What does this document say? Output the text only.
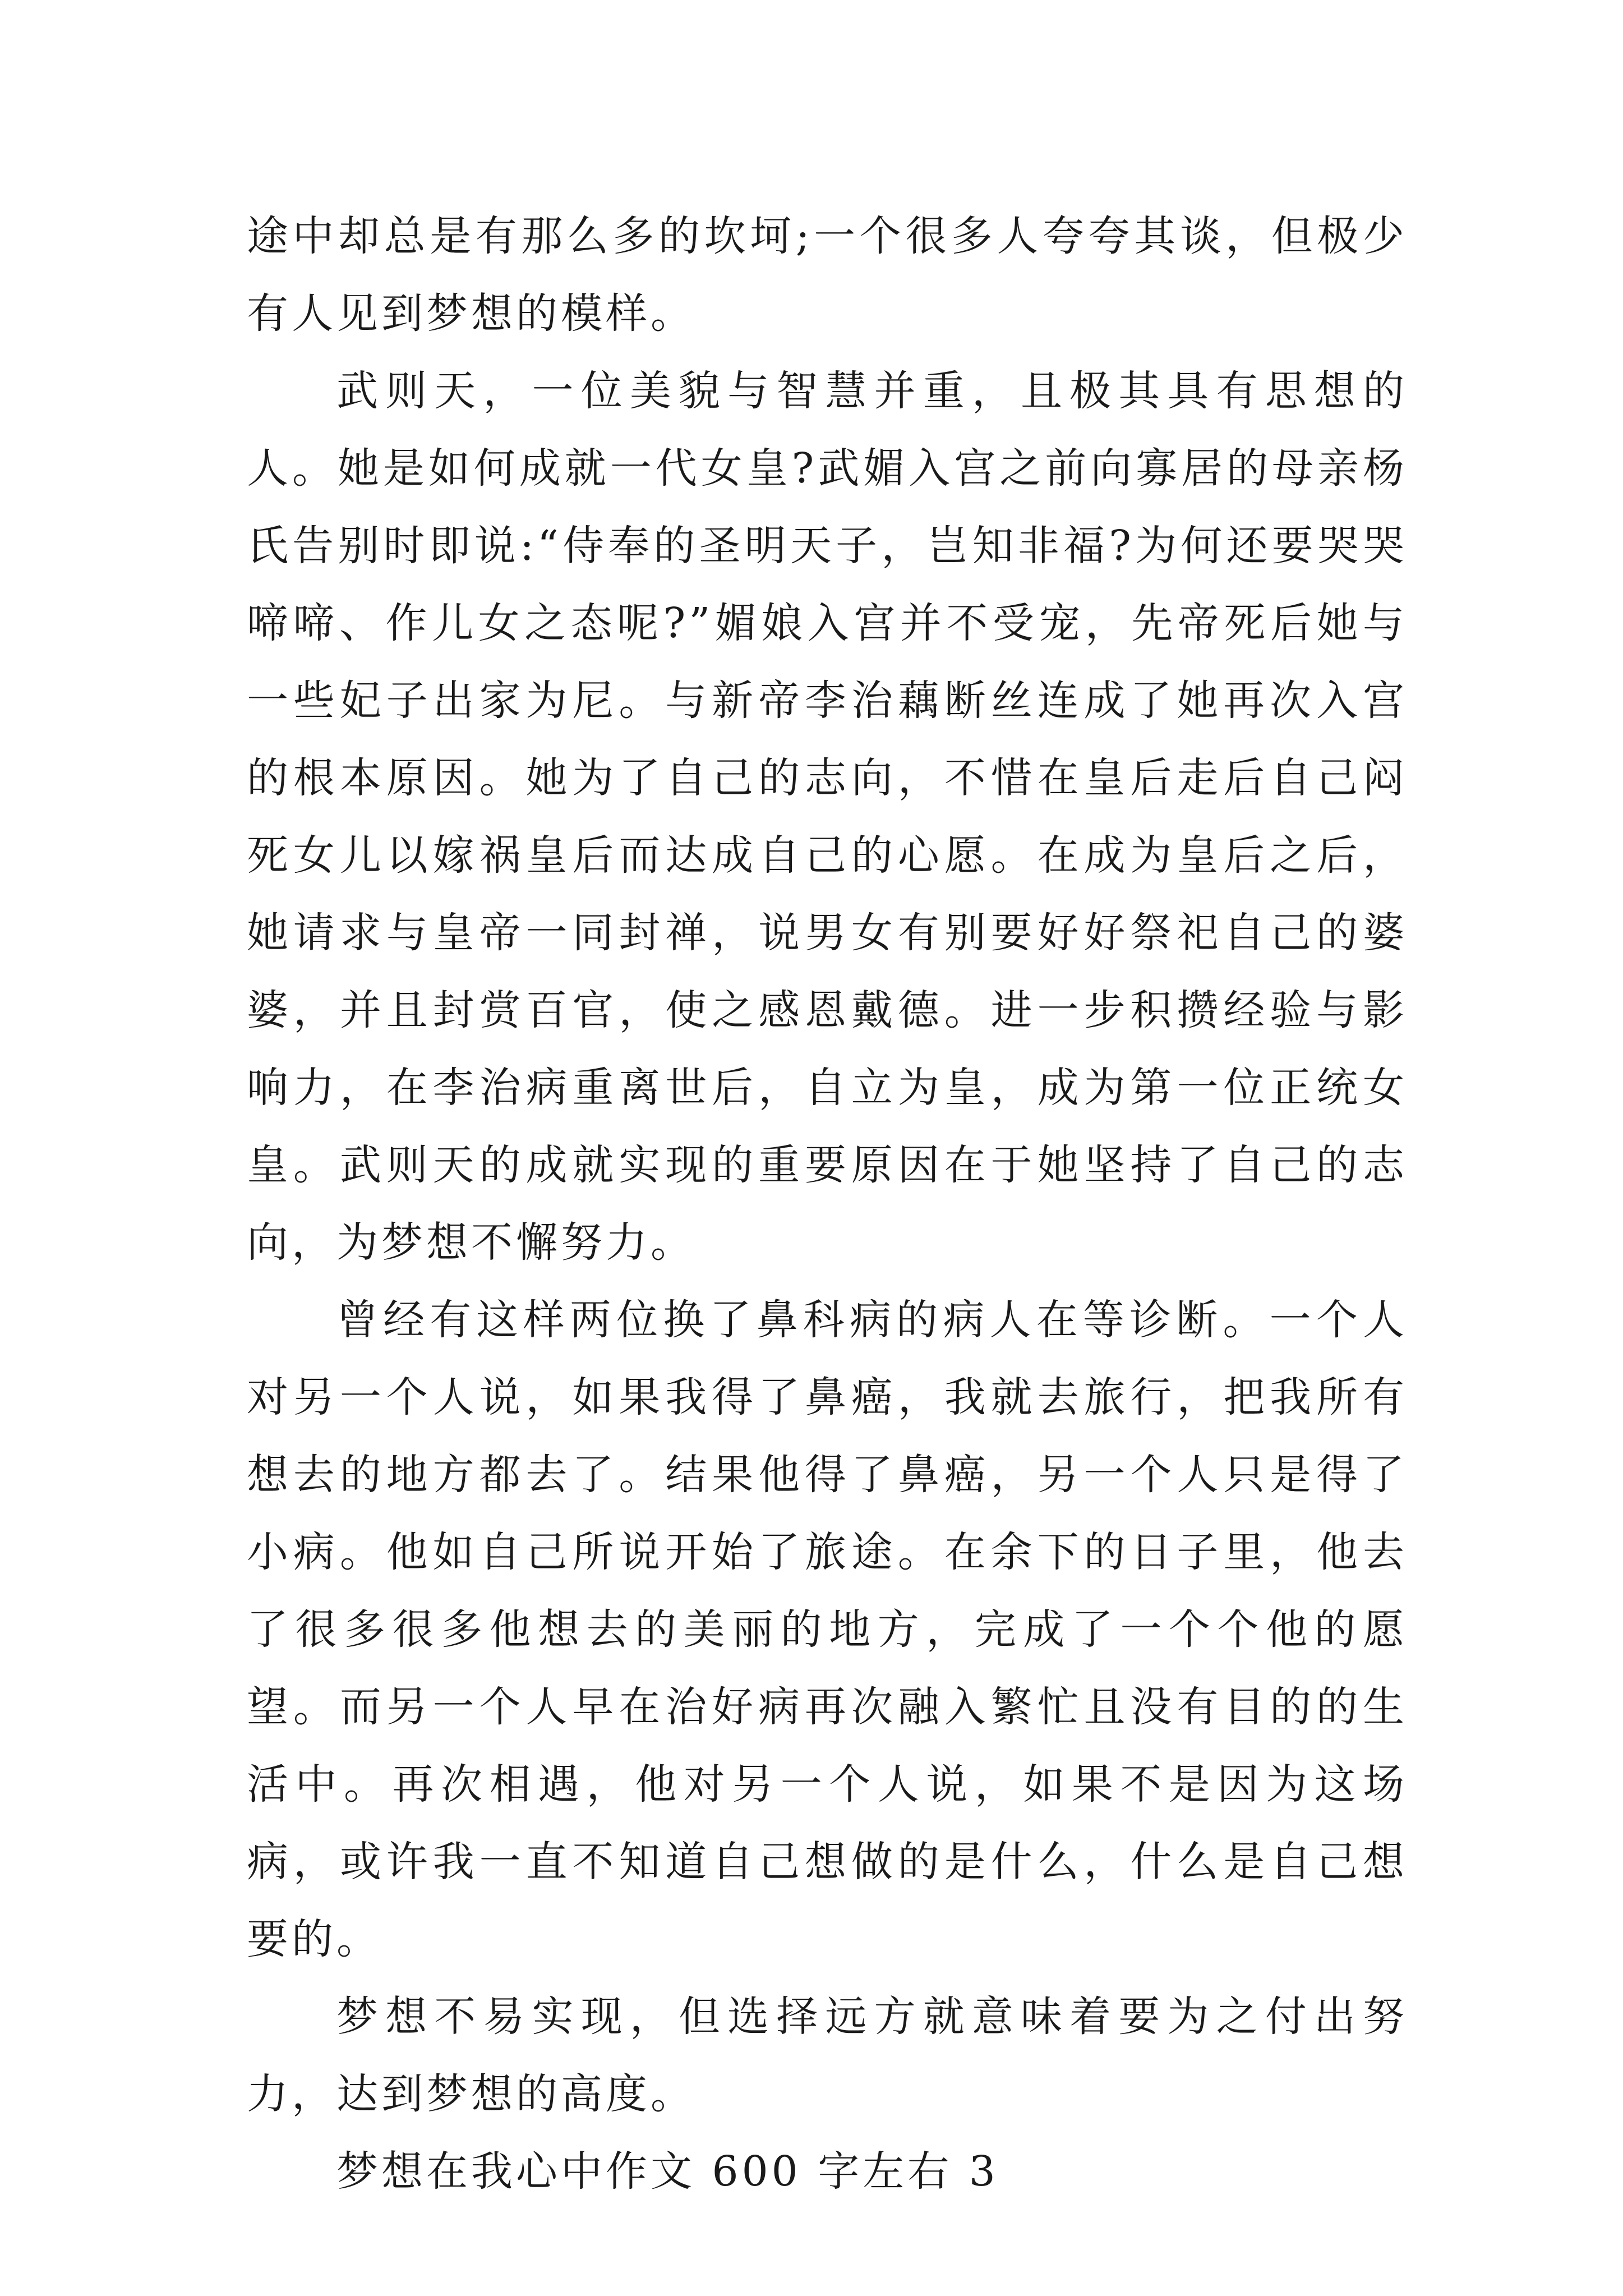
途中却总是有那么多的坎坷;一个很多人夸夸其谈，但极少有人见到梦想的模样。

武则天，一位美貌与智慧并重，且极其具有思想的人。她是如何成就一代女皇?武媚入宫之前向寡居的母亲杨氏告别时即说:“侍奉的圣明天子，岂知非福?为何还要哭哭啼啼、作儿女之态呢?”媚娘入宫并不受宠，先帝死后她与一些妃子出家为尼。与新帝李治藕断丝连成了她再次入宫的根本原因。她为了自己的志向，不惜在皇后走后自己闷死女儿以嫁祸皇后而达成自己的心愿。在成为皇后之后，她请求与皇帝一同封禅，说男女有别要好好祭祀自己的婆婆，并且封赏百官，使之感恩戴德。进一步积攒经验与影响力，在李治病重离世后，自立为皇，成为第一位正统女皇。武则天的成就实现的重要原因在于她坚持了自己的志向，为梦想不懈努力。

曾经有这样两位换了鼻科病的病人在等诊断。一个人对另一个人说，如果我得了鼻癌，我就去旅行，把我所有想去的地方都去了。结果他得了鼻癌，另一个人只是得了小病。他如自己所说开始了旅途。在余下的日子里，他去了很多很多他想去的美丽的地方，完成了一个个他的愿望。而另一个人早在治好病再次融入繁忙且没有目的的生活中。再次相遇，他对另一个人说，如果不是因为这场病，或许我一直不知道自己想做的是什么，什么是自己想要的。

梦想不易实现，但选择远方就意味着要为之付出努力，达到梦想的高度。

梦想在我心中作文 600 字左右 3
